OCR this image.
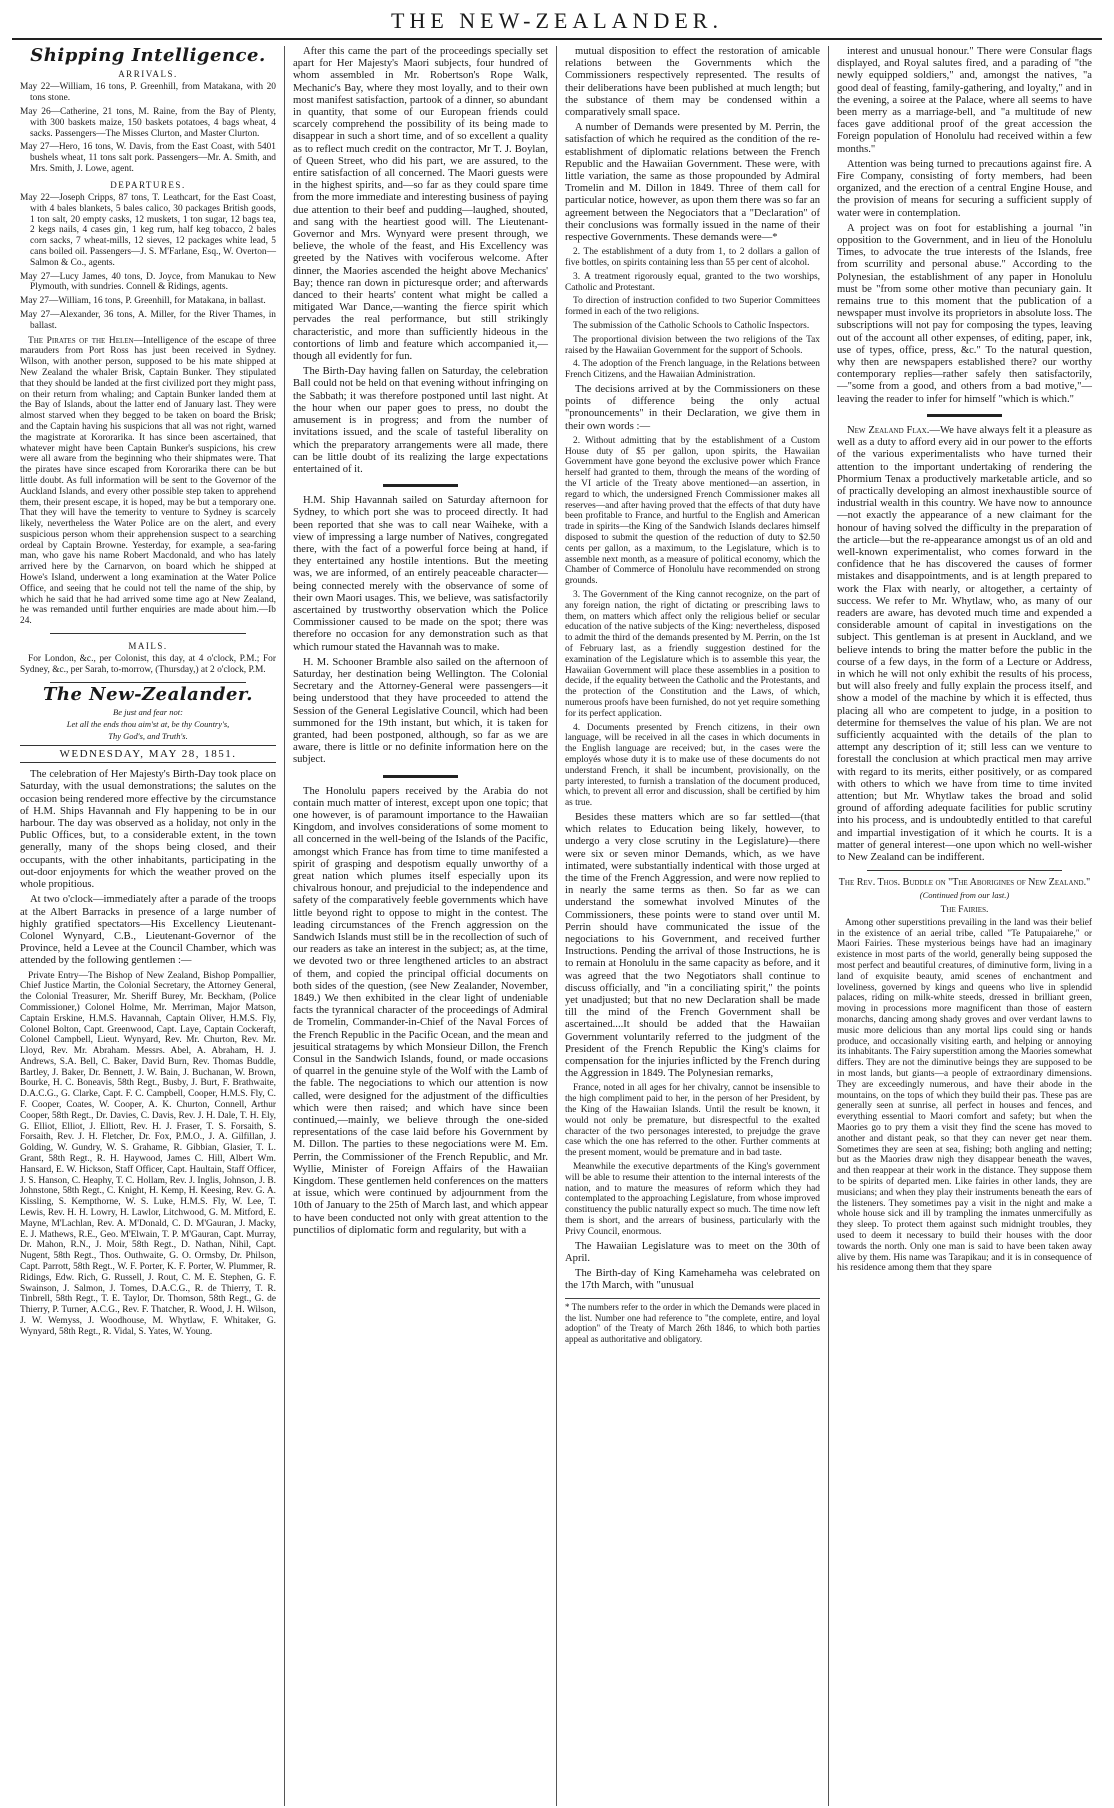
THE NEW-ZEALANDER.
Shipping Intelligence.
ARRIVALS.

May 22—William, 16 tons, P. Greenhill, from Matakana, with 20 tons stone.

May 26—Catherine, 21 tons, M. Raine, from the Bay of Plenty, with 300 baskets maize, 150 baskets potatoes, 4 bags wheat, 4 sacks. Passengers—The Misses Clurton, and Master Clurton.

May 27—Hero, 16 tons, W. Davis, from the East Coast, with 5401 bushels wheat, 11 tons salt pork. Passengers—Mr. A. Smith, and Mrs. Smith, J. Lowe, agent.

DEPARTURES.

May 22—Joseph Cripps, 87 tons, T. Leathcart, for the East Coast, with 4 bales blankets, 5 bales calico, 30 packages British goods, 1 ton salt, 20 empty casks, 12 muskets, 1 ton sugar, 12 bags tea, 2 kegs nails, 4 cases gin, 1 keg rum, half keg tobacco, 2 bales corn sacks, 7 wheat-mills, 12 sieves, 12 packages white lead, 5 cans boiled oil. Passengers—J. S. M'Farlane, Esq., W. Overton—Salmon & Co., agents.

May 27—Lucy James, 40 tons, D. Joyce, from Manukau to New Plymouth, with sundries. Connell & Ridings, agents.

May 27—William, 16 tons, P. Greenhill, for Matakana, in ballast.

May 27—Alexander, 36 tons, A. Miller, for the River Thames, in ballast.

The Pirates of the Helen—Intelligence of the escape of three marauders from Port Ross has just been received in Sydney. Wilson, with another person, supposed to be his mate shipped at New Zealand the whaler Brisk, Captain Bunker. They stipulated that they should be landed at the first civilized port they might pass, on their return from whaling; and Captain Bunker landed them at the Bay of Islands, about the latter end of January last. They were almost starved when they begged to be taken on board the Brisk; and the Captain having his suspicions that all was not right, warned the magistrate at Kororarika. It has since been ascertained, that whatever might have been Captain Bunker's suspicions, his crew were all aware from the beginning who their shipmates were. That the pirates have since escaped from Kororarika there can be but little doubt. As full information will be sent to the Governor of the Auckland Islands, and every other possible step taken to apprehend them, their present escape, it is hoped, may be but a temporary one. That they will have the temerity to venture to Sydney is scarcely likely, nevertheless the Water Police are on the alert, and every suspicious person whom their apprehension suspect to a searching ordeal by Captain Browne. Yesterday, for example, a sea-faring man, who gave his name Robert Macdonald, and who has lately arrived here by the Carnarvon, on board which he shipped at Howe's Island, underwent a long examination at the Water Police Office, and seeing that he could not tell the name of the ship, by which he said that he had arrived some time ago at New Zealand, he was remanded until further enquiries are made about him.—Ib 24.

MAILS.

For London, &c., per Colonist, this day, at 4 o'clock, P.M.; For Sydney, &c., per Sarah, to-morrow, (Thursday,) at 2 o'clock, P.M.

The New-Zealander.
Be just and fear not:
Let all the ends thou aim'st at, be thy Country's,
Thy God's, and Truth's.
WEDNESDAY, MAY 28, 1851.

The celebration of Her Majesty's Birth-Day took place on Saturday, with the usual demonstrations; the salutes on the occasion being rendered more effective by the circumstance of H.M. Ships Havannah and Fly happening to be in our harbour. The day was observed as a holiday, not only in the Public Offices, but, to a considerable extent, in the town generally, many of the shops being closed, and their occupants, with the other inhabitants, participating in the out-door enjoyments for which the weather proved on the whole propitious.

At two o'clock—immediately after a parade of the troops at the Albert Barracks in presence of a large number of highly gratified spectators—His Excellency Lieutenant-Colonel Wynyard, C.B., Lieutenant-Governor of the Province, held a Levee at the Council Chamber, which was attended by the following gentlemen :—

Private Entry—The Bishop of New Zealand, Bishop Pompallier, Chief Justice Martin, the Colonial Secretary, the Attorney General, the Colonial Treasurer, Mr. Sheriff Burey, Mr. Beckham, (Police Commissioner,) Colonel Holme, Mr. Merriman, Major Matson, Captain Erskine, H.M.S. Havannah, Captain Oliver, H.M.S. Fly, Colonel Bolton, Capt. Greenwood, Capt. Laye, Captain Cockeraft, Colonel Campbell, Lieut. Wynyard, Rev. Mr. Churton, Rev. Mr. Lloyd, Rev. Mr. Abraham. Messrs. Abel, A. Abraham, H. J. Andrews, S.A. Bell, C. Baker, David Burn, Rev. Thomas Buddle, Bartley, J. Baker, Dr. Bennett, J. W. Bain, J. Buchanan, W. Brown, Bourke, H. C. Boneavis, 58th Regt., Busby, J. Burt, F. Brathwaite, D.A.C.G., G. Clarke, Capt. F. C. Campbell, Cooper, H.M.S. Fly, C. F. Cooper, Coates, W. Cooper, A. K. Churton, Connell, Arthur Cooper, 58th Regt., Dr. Davies, C. Davis, Rev. J. H. Dale, T. H. Ely, G. Elliot, Elliot, J. Elliott, Rev. H. J. Fraser, T. S. Forsaith, S. Forsaith, Rev. J. H. Fletcher, Dr. Fox, P.M.O., J. A. Gilfillan, J. Golding, W. Gundry, W. S. Grahame, R. Gibbian, Glasier, T. L. Grant, 58th Regt., R. H. Haywood, James C. Hill, Albert Wm. Hansard, E. W. Hickson, Staff Officer, Capt. Haultain, Staff Officer, J. S. Hanson, C. Heaphy, T. C. Hollam, Rev. J. Inglis, Johnson, J. B. Johnstone, 58th Regt., C. Knight, H. Kemp, H. Keesing, Rev. G. A. Kissling, S. Kempthorne, W. S. Luke, H.M.S. Fly, W. Lee, T. Lewis, Rev. H. H. Lowry, H. Lawlor, Litchwood, G. M. Mitford, E. Mayne, M'Lachlan, Rev. A. M'Donald, C. D. M'Gauran, J. Macky, E. J. Mathews, R.E., Geo. M'Elwain, T. P. M'Gauran, Capt. Murray, Dr. Mahon, R.N., J. Moir, 58th Regt., D. Nathan, Nihil, Capt. Nugent, 58th Regt., Thos. Outhwaite, G. O. Ormsby, Dr. Philson, Capt. Parrott, 58th Regt., W. F. Porter, K. F. Porter, W. Plummer, R. Ridings, Edw. Rich, G. Russell, J. Rout, C. M. E. Stephen, G. F. Swainson, J. Salmon, J. Tomes, D.A.C.G., R. de Thierry, T. R. Tinbrell, 58th Regt., T. E. Taylor, Dr. Thomson, 58th Regt., G. de Thierry, P. Turner, A.C.G., Rev. F. Thatcher, R. Wood, J. H. Wilson, J. W. Wemyss, J. Woodhouse, M. Whytlaw, F. Whitaker, G. Wynyard, 58th Regt., R. Vidal, S. Yates, W. Young.

After this came the part of the proceedings specially set apart for Her Majesty's Maori subjects, four hundred of whom assembled in Mr. Robertson's Rope Walk, Mechanic's Bay, where they most loyally, and to their own most manifest satisfaction, partook of a dinner, so abundant in quantity, that some of our European friends could scarcely comprehend the possibility of its being made to disappear in such a short time, and of so excellent a quality as to reflect much credit on the contractor, Mr T. J. Boylan, of Queen Street, who did his part, we are assured, to the entire satisfaction of all concerned. The Maori guests were in the highest spirits, and—so far as they could spare time from the more immediate and interesting business of paying due attention to their beef and pudding—laughed, shouted, and sang with the heartiest good will. The Lieutenant-Governor and Mrs. Wynyard were present through, we believe, the whole of the feast, and His Excellency was greeted by the Natives with vociferous welcome. After dinner, the Maories ascended the height above Mechanics' Bay; thence ran down in picturesque order; and afterwards danced to their hearts' content what might be called a mitigated War Dance,—wanting the fierce spirit which pervades the real performance, but still strikingly characteristic, and more than sufficiently hideous in the contortions of limb and feature which accompanied it,—though all evidently for fun.

The Birth-Day having fallen on Saturday, the celebration Ball could not be held on that evening without infringing on the Sabbath; it was therefore postponed until last night. At the hour when our paper goes to press, no doubt the amusement is in progress; and from the number of invitations issued, and the scale of tasteful liberality on which the preparatory arrangements were all made, there can be little doubt of its realizing the large expectations entertained of it.

H.M. Ship Havannah sailed on Saturday afternoon for Sydney, to which port she was to proceed directly. It had been reported that she was to call near Waiheke, with a view of impressing a large number of Natives, congregated there, with the fact of a powerful force being at hand, if they entertained any hostile intentions. But the meeting was, we are informed, of an entirely peaceable character—being connected merely with the observance of some of their own Maori usages. This, we believe, was satisfactorily ascertained by trustworthy observation which the Police Commissioner caused to be made on the spot; there was therefore no occasion for any demonstration such as that which rumour stated the Havannah was to make.

H. M. Schooner Bramble also sailed on the afternoon of Saturday, her destination being Wellington. The Colonial Secretary and the Attorney-General were passengers—it being understood that they have proceeded to attend the Session of the General Legislative Council, which had been summoned for the 19th instant, but which, it is taken for granted, had been postponed, although, so far as we are aware, there is little or no definite information here on the subject.

The Honolulu papers received by the Arabia do not contain much matter of interest, except upon one topic; that one however, is of paramount importance to the Hawaiian Kingdom, and involves considerations of some moment to all concerned in the well-being of the Islands of the Pacific, amongst which France has from time to time manifested a spirit of grasping and despotism equally unworthy of a great nation which plumes itself especially upon its chivalrous honour, and prejudicial to the independence and safety of the comparatively feeble governments which have little beyond right to oppose to might in the contest. The leading circumstances of the French aggression on the Sandwich Islands must still be in the recollection of such of our readers as take an interest in the subject; as, at the time, we devoted two or three lengthened articles to an abstract of them, and copied the principal official documents on both sides of the question, (see New Zealander, November, 1849.) We then exhibited in the clear light of undeniable facts the tyrannical character of the proceedings of Admiral de Tromelin, Commander-in-Chief of the Naval Forces of the French Republic in the Pacific Ocean, and the mean and jesuitical stratagems by which Monsieur Dillon, the French Consul in the Sandwich Islands, found, or made occasions of quarrel in the genuine style of the Wolf with the Lamb of the fable. The negociations to which our attention is now called, were designed for the adjustment of the difficulties which were then raised; and which have since been continued,—mainly, we believe through the one-sided representations of the case laid before his Government by M. Dillon. The parties to these negociations were M. Em. Perrin, the Commissioner of the French Republic, and Mr. Wyllie, Minister of Foreign Affairs of the Hawaiian Kingdom. These gentlemen held conferences on the matters at issue, which were continued by adjournment from the 10th of January to the 25th of March last, and which appear to have been conducted not only with great attention to the punctilios of diplomatic form and regularity, but with a

mutual disposition to effect the restoration of amicable relations between the Governments which the Commissioners respectively represented. The results of their deliberations have been published at much length; but the substance of them may be condensed within a comparatively small space.

A number of Demands were presented by M. Perrin, the satisfaction of which he required as the condition of the re-establishment of diplomatic relations between the French Republic and the Hawaiian Government. These were, with little variation, the same as those propounded by Admiral Tromelin and M. Dillon in 1849. Three of them call for particular notice, however, as upon them there was so far an agreement between the Negociators that a "Declaration" of their conclusions was formally issued in the name of their respective Governments. These demands were—*

2. The establishment of a duty from 1, to 2 dollars a gallon of five bottles, on spirits containing less than 55 per cent of alcohol.

3. A treatment rigorously equal, granted to the two worships, Catholic and Protestant.

To direction of instruction confided to two Superior Committees formed in each of the two religions.

The submission of the Catholic Schools to Catholic Inspectors.

The proportional division between the two religions of the Tax raised by the Hawaiian Government for the support of Schools.

4. The adoption of the French language, in the Relations between French Citizens, and the Hawaiian Administration.

The decisions arrived at by the Commissioners on these points of difference being the only actual "pronouncements" in their Declaration, we give them in their own words :—

2. Without admitting that by the establishment of a Custom House duty of $5 per gallon, upon spirits, the Hawaiian Government have gone beyond the exclusive power which France herself had granted to them, through the means of the wording of the VI article of the Treaty above mentioned—an assertion, in regard to which, the undersigned French Commissioner makes all reserves—and after having proved that the effects of that duty have been profitable to France, and hurtful to the English and American trade in spirits—the King of the Sandwich Islands declares himself disposed to submit the question of the reduction of duty to $2.50 cents per gallon, as a maximum, to the Legislature, which is to assemble next month, as a measure of political economy, which the Chamber of Commerce of Honolulu have recommended on strong grounds.

3. The Government of the King cannot recognize, on the part of any foreign nation, the right of dictating or prescribing laws to them, on matters which affect only the religious belief or secular education of the native subjects of the King: nevertheless, disposed to admit the third of the demands presented by M. Perrin, on the 1st of February last, as a friendly suggestion destined for the examination of the Legislature which is to assemble this year, the Hawaiian Government will place these assemblies in a position to decide, if the equality between the Catholic and the Protestants, and the protection of the Constitution and the Laws, of which, numerous proofs have been furnished, do not yet require something for its perfect application.

4. Documents presented by French citizens, in their own language, will be received in all the cases in which documents in the English language are received; but, in the cases were the employés whose duty it is to make use of these documents do not understand French, it shall be incumbent, provisionally, on the party interested, to furnish a translation of the document produced, which, to prevent all error and discussion, shall be certified by him as true.

Besides these matters which are so far settled—(that which relates to Education being likely, however, to undergo a very close scrutiny in the Legislature)—there were six or seven minor Demands, which, as we have intimated, were substantially indentical with those urged at the time of the French Aggression, and were now replied to in nearly the same terms as then. So far as we can understand the somewhat involved Minutes of the Commissioners, these points were to stand over until M. Perrin should have communicated the issue of the negociations to his Government, and received further Instructions. Pending the arrival of those Instructions, he is to remain at Honolulu in the same capacity as before, and it was agreed that the two Negotiators shall continue to discuss officially, and "in a conciliating spirit," the points yet unadjusted; but that no new Declaration shall be made till the mind of the French Government shall be ascertained....It should be added that the Hawaiian Government voluntarily referred to the judgment of the President of the French Republic the King's claims for compensation for the injuries inflicted by the French during the Aggression in 1849. The Polynesian remarks,

France, noted in all ages for her chivalry, cannot be insensible to the high compliment paid to her, in the person of her President, by the King of the Hawaiian Islands. Until the result be known, it would not only be premature, but disrespectful to the exalted character of the two personages interested, to prejudge the grave case which the one has referred to the other. Further comments at the present moment, would be premature and in bad taste.

Meanwhile the executive departments of the King's government will be able to resume their attention to the internal interests of the nation, and to mature the measures of reform which they had contemplated to the approaching Legislature, from whose improved constituency the public naturally expect so much. The time now left them is short, and the arrears of business, particularly with the Privy Council, enormous.

The Hawaiian Legislature was to meet on the 30th of April.

The Birth-day of King Kamehameha was celebrated on the 17th March, with "unusual

* The numbers refer to the order in which the Demands were placed in the list. Number one had reference to "the complete, entire, and loyal adoption" of the Treaty of March 26th 1846, to which both parties appeal as authoritative and obligatory.

interest and unusual honour." There were Consular flags displayed, and Royal salutes fired, and a parading of "the newly equipped soldiers," and, amongst the natives, "a good deal of feasting, family-gathering, and loyalty," and in the evening, a soiree at the Palace, where all seems to have been merry as a marriage-bell, and "a multitude of new faces gave additional proof of the great accession the Foreign population of Honolulu had received within a few months."

Attention was being turned to precautions against fire. A Fire Company, consisting of forty members, had been organized, and the erection of a central Engine House, and the provision of means for securing a sufficient supply of water were in contemplation.

A project was on foot for establishing a journal "in opposition to the Government, and in lieu of the Honolulu Times, to advocate the true interests of the Islands, free from scurrility and personal abuse." According to the Polynesian, the establishment of any paper in Honolulu must be "from some other motive than pecuniary gain. It remains true to this moment that the publication of a newspaper must involve its proprietors in absolute loss. The subscriptions will not pay for composing the types, leaving out of the account all other expenses, of editing, paper, ink, use of types, office, press, &c." To the natural question, why then are newspapers established there? our worthy contemporary replies—rather safely then satisfactorily,—"some from a good, and others from a bad motive,"—leaving the reader to infer for himself "which is which."

New Zealand Flax.—We have always felt it a pleasure as well as a duty to afford every aid in our power to the efforts of the various experimentalists who have turned their attention to the important undertaking of rendering the Phormium Tenax a productively marketable article, and so of practically developing an almost inexhaustible source of industrial wealth in this country. We have now to announce—not exactly the appearance of a new claimant for the honour of having solved the difficulty in the preparation of the article—but the re-appearance amongst us of an old and well-known experimentalist, who comes forward in the confidence that he has discovered the causes of former mistakes and disappointments, and is at length prepared to work the Flax with nearly, or altogether, a certainty of success. We refer to Mr. Whytlaw, who, as many of our readers are aware, has devoted much time and expended a considerable amount of capital in investigations on the subject. This gentleman is at present in Auckland, and we believe intends to bring the matter before the public in the course of a few days, in the form of a Lecture or Address, in which he will not only exhibit the results of his process, but will also freely and fully explain the process itself, and show a model of the machine by which it is effected, thus placing all who are competent to judge, in a position to determine for themselves the value of his plan. We are not sufficiently acquainted with the details of the plan to attempt any description of it; still less can we venture to forestall the conclusion at which practical men may arrive with regard to its merits, either positively, or as compared with others to which we have from time to time invited attention; but Mr. Whytlaw takes the broad and solid ground of affording adequate facilities for public scrutiny into his process, and is undoubtedly entitled to that careful and impartial investigation of it which he courts. It is a matter of general interest—one upon which no well-wisher to New Zealand can be indifferent.

The Rev. Thos. Buddle on "The Aborigines of New Zealand."
(Continued from our last.)
The Fairies.

Among other superstitions prevailing in the land was their belief in the existence of an aerial tribe, called "Te Patupaiarehe," or Maori Fairies. These mysterious beings have had an imaginary existence in most parts of the world, generally being supposed the most perfect and beautiful creatures, of diminutive form, living in a land of exquisite beauty, amid scenes of enchantment and loveliness, governed by kings and queens who live in splendid palaces, riding on milk-white steeds, dressed in brilliant green, moving in processions more magnificent than those of eastern monarchs, dancing among shady groves and over verdant lawns to music more delicious than any mortal lips could sing or hands produce, and occasionally visiting earth, and helping or annoying its inhabitants. The Fairy superstition among the Maories somewhat differs. They are not the diminutive beings they are supposed to be in most lands, but giants—a people of extraordinary dimensions. They are exceedingly numerous, and have their abode in the mountains, on the tops of which they build their pas. These pas are generally seen at sunrise, all perfect in houses and fences, and everything essential to Maori comfort and safety; but when the Maories go to pry them a visit they find the scene has moved to another and distant peak, so that they can never get near them. Sometimes they are seen at sea, fishing; both angling and netting; but as the Maories draw nigh they disappear beneath the waves, and then reappear at their work in the distance. They suppose them to be spirits of departed men. Like fairies in other lands, they are musicians; and when they play their instruments beneath the ears of the listeners. They sometimes pay a visit in the night and make a whole house sick and ill by trampling the inmates unmercifully as they sleep. To protect them against such midnight troubles, they used to deem it necessary to build their houses with the door towards the north. Only one man is said to have been taken away alive by them. His name was Tarapikau; and it is in consequence of his residence among them that they spare
